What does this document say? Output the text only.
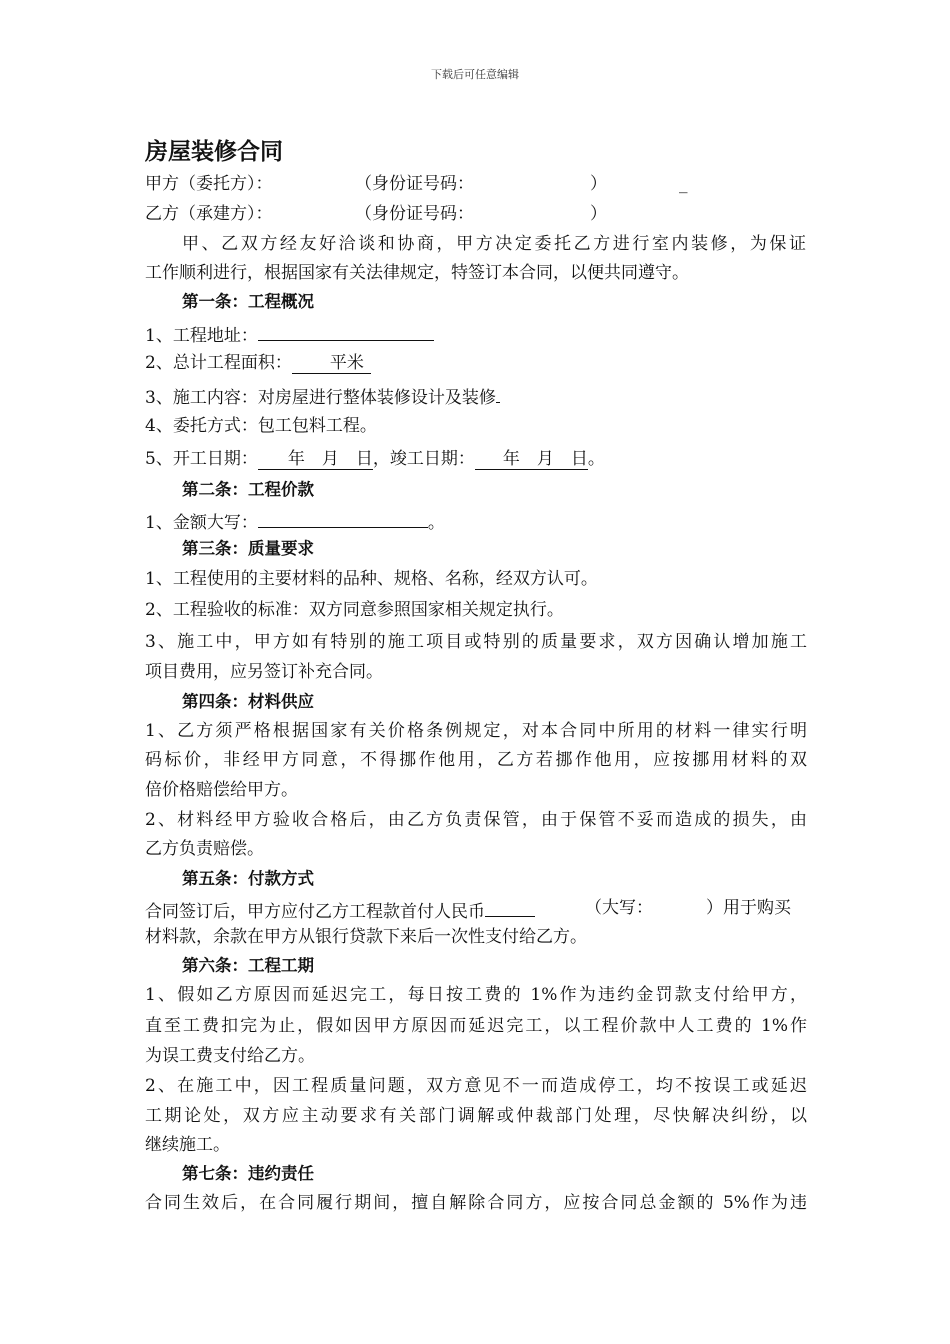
下载后可任意编辑
房屋装修合同
甲方（委托方）：	（身份证号码：	）	_
乙方（承建方）：	（身份证号码：	）
甲、乙双方经友好洽谈和协商，甲方决定委托乙方进行室内装修，为保证
工作顺利进行，根据国家有关法律规定，特签订本合同，以便共同遵守。
第一条：工程概况
1、工程地址：
2、总计工程面积： 平米
3、施工内容：对房屋进行整体装修设计及装修
4、委托方式：包工包料工程。
5、开工日期： 年　月　日，竣工日期： 年　月　日。
第二条：工程价款
1、金额大写：	。
第三条：质量要求
1、工程使用的主要材料的品种、规格、名称，经双方认可。
2、工程验收的标准：双方同意参照国家相关规定执行。
3、施工中，甲方如有特别的施工项目或特别的质量要求，双方因确认增加施工
项目费用，应另签订补充合同。
第四条：材料供应
1、乙方须严格根据国家有关价格条例规定，对本合同中所用的材料一律实行明
码标价，非经甲方同意，不得挪作他用，乙方若挪作他用，应按挪用材料的双
倍价格赔偿给甲方。
2、材料经甲方验收合格后，由乙方负责保管，由于保管不妥而造成的损失，由
乙方负责赔偿。
第五条：付款方式
合同签订后，甲方应付乙方工程款首付人民币	（大写：	）用于购买
材料款，余款在甲方从银行贷款下来后一次性支付给乙方。
第六条：工程工期
1、假如乙方原因而延迟完工，每日按工费的 1%作为违约金罚款支付给甲方，
直至工费扣完为止，假如因甲方原因而延迟完工，以工程价款中人工费的 1%作
为误工费支付给乙方。
2、在施工中，因工程质量问题，双方意见不一而造成停工，均不按误工或延迟
工期论处，双方应主动要求有关部门调解或仲裁部门处理，尽快解决纠纷，以
继续施工。
第七条：违约责任
合同生效后，在合同履行期间，擅自解除合同方，应按合同总金额的 5%作为违
